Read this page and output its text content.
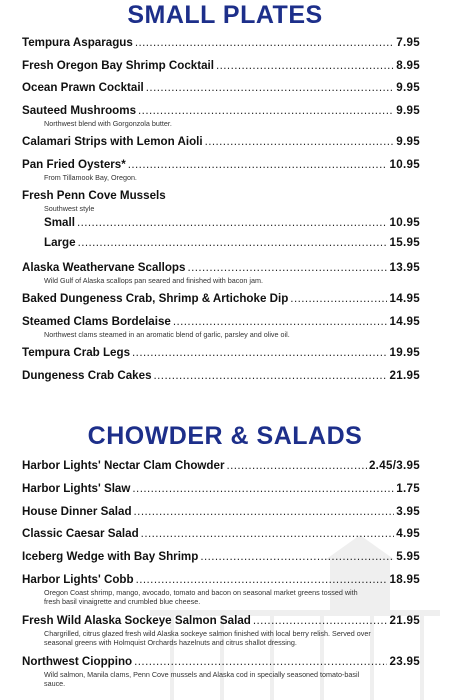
SMALL PLATES
Tempura Asparagus . . .	7.95
Fresh Oregon Bay Shrimp Cocktail . . .	8.95
Ocean Prawn Cocktail . . .	9.95
Sauteed Mushrooms . . .	9.95
Northwest blend with Gorgonzola butter.
Calamari Strips with Lemon Aioli . . .	9.95
Pan Fried Oysters* . . .	10.95
From Tillamook Bay, Oregon.
Fresh Penn Cove Mussels
Southwest style
Small . . .	10.95
Large . . .	15.95
Alaska Weathervane Scallops . . .	13.95
Wild Gulf of Alaska scallops pan seared and finished with bacon jam.
Baked Dungeness Crab, Shrimp & Artichoke Dip . . .	14.95
Steamed Clams Bordelaise . . .	14.95
Northwest clams steamed in an aromatic blend of garlic, parsley and olive oil.
Tempura Crab Legs . . .	19.95
Dungeness Crab Cakes . . .	21.95
CHOWDER & SALADS
Harbor Lights' Nectar Clam Chowder . . .	2.45/3.95
Harbor Lights' Slaw . . .	1.75
House Dinner Salad . . .	3.95
Classic Caesar Salad . . .	4.95
Iceberg Wedge with Bay Shrimp . . .	5.95
Harbor Lights' Cobb . . .	18.95
Oregon Coast shrimp, mango, avocado, tomato and bacon on seasonal market greens tossed with fresh basil vinaigrette and crumbled blue cheese.
Fresh Wild Alaska Sockeye Salmon Salad . . .	21.95
Chargrilled, citrus glazed fresh wild Alaska sockeye salmon finished with local berry relish. Served over seasonal greens with Holmquist Orchards hazelnuts and citrus shallot dressing.
Northwest Cioppino . . .	23.95
Wild salmon, Manila clams, Penn Cove mussels and Alaska cod in specially seasoned tomato-basil sauce.
